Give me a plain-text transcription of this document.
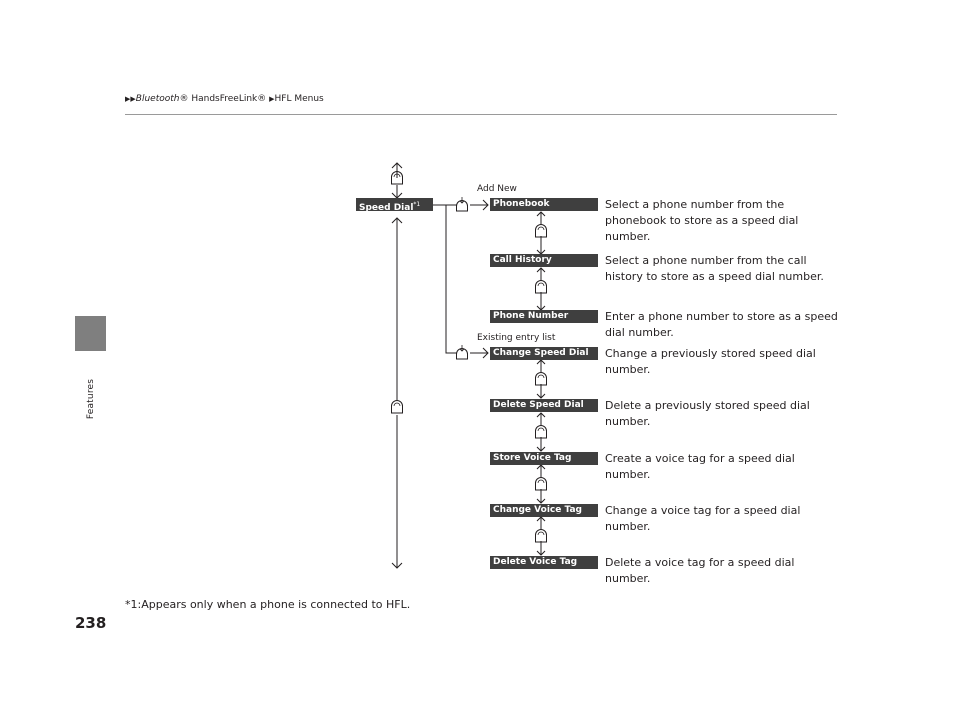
Features
▶▶Bluetooth® HandsFreeLink® ▶HFL Menus
Speed Dial$^{*1}$
Add New
Existing entry list
Phonebook
Call History
Phone Number
Change Speed Dial
Delete Speed Dial
Store Voice Tag
Change Voice Tag
Delete Voice Tag
Select a phone number from the phonebook to store as a speed dial number.
Select a phone number from the call history to store as a speed dial number.
Enter a phone number to store as a speed dial number.
Change a previously stored speed dial number.
Delete a previously stored speed dial number.
Create a voice tag for a speed dial number.
Change a voice tag for a speed dial number.
Delete a voice tag for a speed dial number.
*1:Appears only when a phone is connected to HFL.
238
